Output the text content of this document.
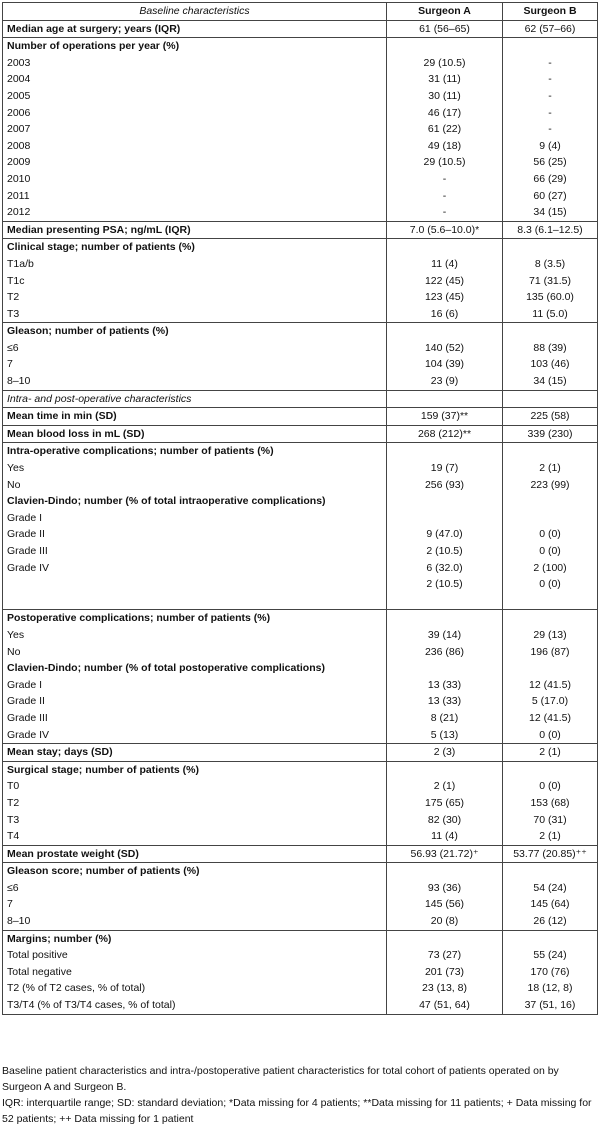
Baseline characteristics	Surgeon A	Surgeon B
Median age at surgery; years (IQR)	61 (56–65)	62 (57–66)
Number of operations per year (%)		
2003	29 (10.5)	-
2004	31 (11)	-
2005	30 (11)	-
2006	46 (17)	-
2007	61 (22)	-
2008	49 (18)	9 (4)
2009	29 (10.5)	56 (25)
2010	-	66 (29)
2011	-	60 (27)
2012	-	34 (15)
Median presenting PSA; ng/mL (IQR)	7.0 (5.6–10.0)*	8.3 (6.1–12.5)
Clinical stage; number of patients (%)		
T1a/b	11 (4)	8 (3.5)
T1c	122 (45)	71 (31.5)
T2	123 (45)	135 (60.0)
T3	16 (6)	11 (5.0)
Gleason; number of patients (%)		
≤6	140 (52)	88 (39)
7	104 (39)	103 (46)
8–10	23 (9)	34 (15)
Intra- and post-operative characteristics		
Mean time in min (SD)	159 (37)**	225 (58)
Mean blood loss in mL (SD)	268 (212)**	339 (230)
Intra-operative complications; number of patients (%)		
Yes	19 (7)	2 (1)
No	256 (93)	223 (99)
Clavien-Dindo; number (% of total intraoperative complications)		
Grade I		
Grade II	9 (47.0)	0 (0)
Grade III	2 (10.5)	0 (0)
Grade IV	6 (32.0)	2 (100)
	2 (10.5)	0 (0)

Postoperative complications; number of patients (%)		
Yes	39 (14)	29 (13)
No	236 (86)	196 (87)
Clavien-Dindo; number (% of total postoperative complications)		
Grade I	13 (33)	12 (41.5)
Grade II	13 (33)	5 (17.0)
Grade III	8 (21)	12 (41.5)
Grade IV	5 (13)	0 (0)
Mean stay; days (SD)	2 (3)	2 (1)
Surgical stage; number of patients (%)		
T0	2 (1)	0 (0)
T2	175 (65)	153 (68)
T3	82 (30)	70 (31)
T4	11 (4)	2 (1)
Mean prostate weight (SD)	56.93 (21.72)⁺	53.77 (20.85)⁺⁺
Gleason score; number of patients (%)		
≤6	93 (36)	54 (24)
7	145 (56)	145 (64)
8–10	20 (8)	26 (12)
Margins; number (%)		
Total positive	73 (27)	55 (24)
Total negative	201 (73)	170 (76)
T2 (% of T2 cases, % of total)	23 (13, 8)	18 (12, 8)
T3/T4 (% of T3/T4 cases, % of total)	47 (51, 64)	37 (51, 16)

Baseline patient characteristics and intra-/postoperative patient characteristics for total cohort of patients operated on by Surgeon A and Surgeon B.

IQR: interquartile range; SD: standard deviation; *Data missing for 4 patients; **Data missing for 11 patients; + Data missing for 52 patients; ++ Data missing for 1 patient
